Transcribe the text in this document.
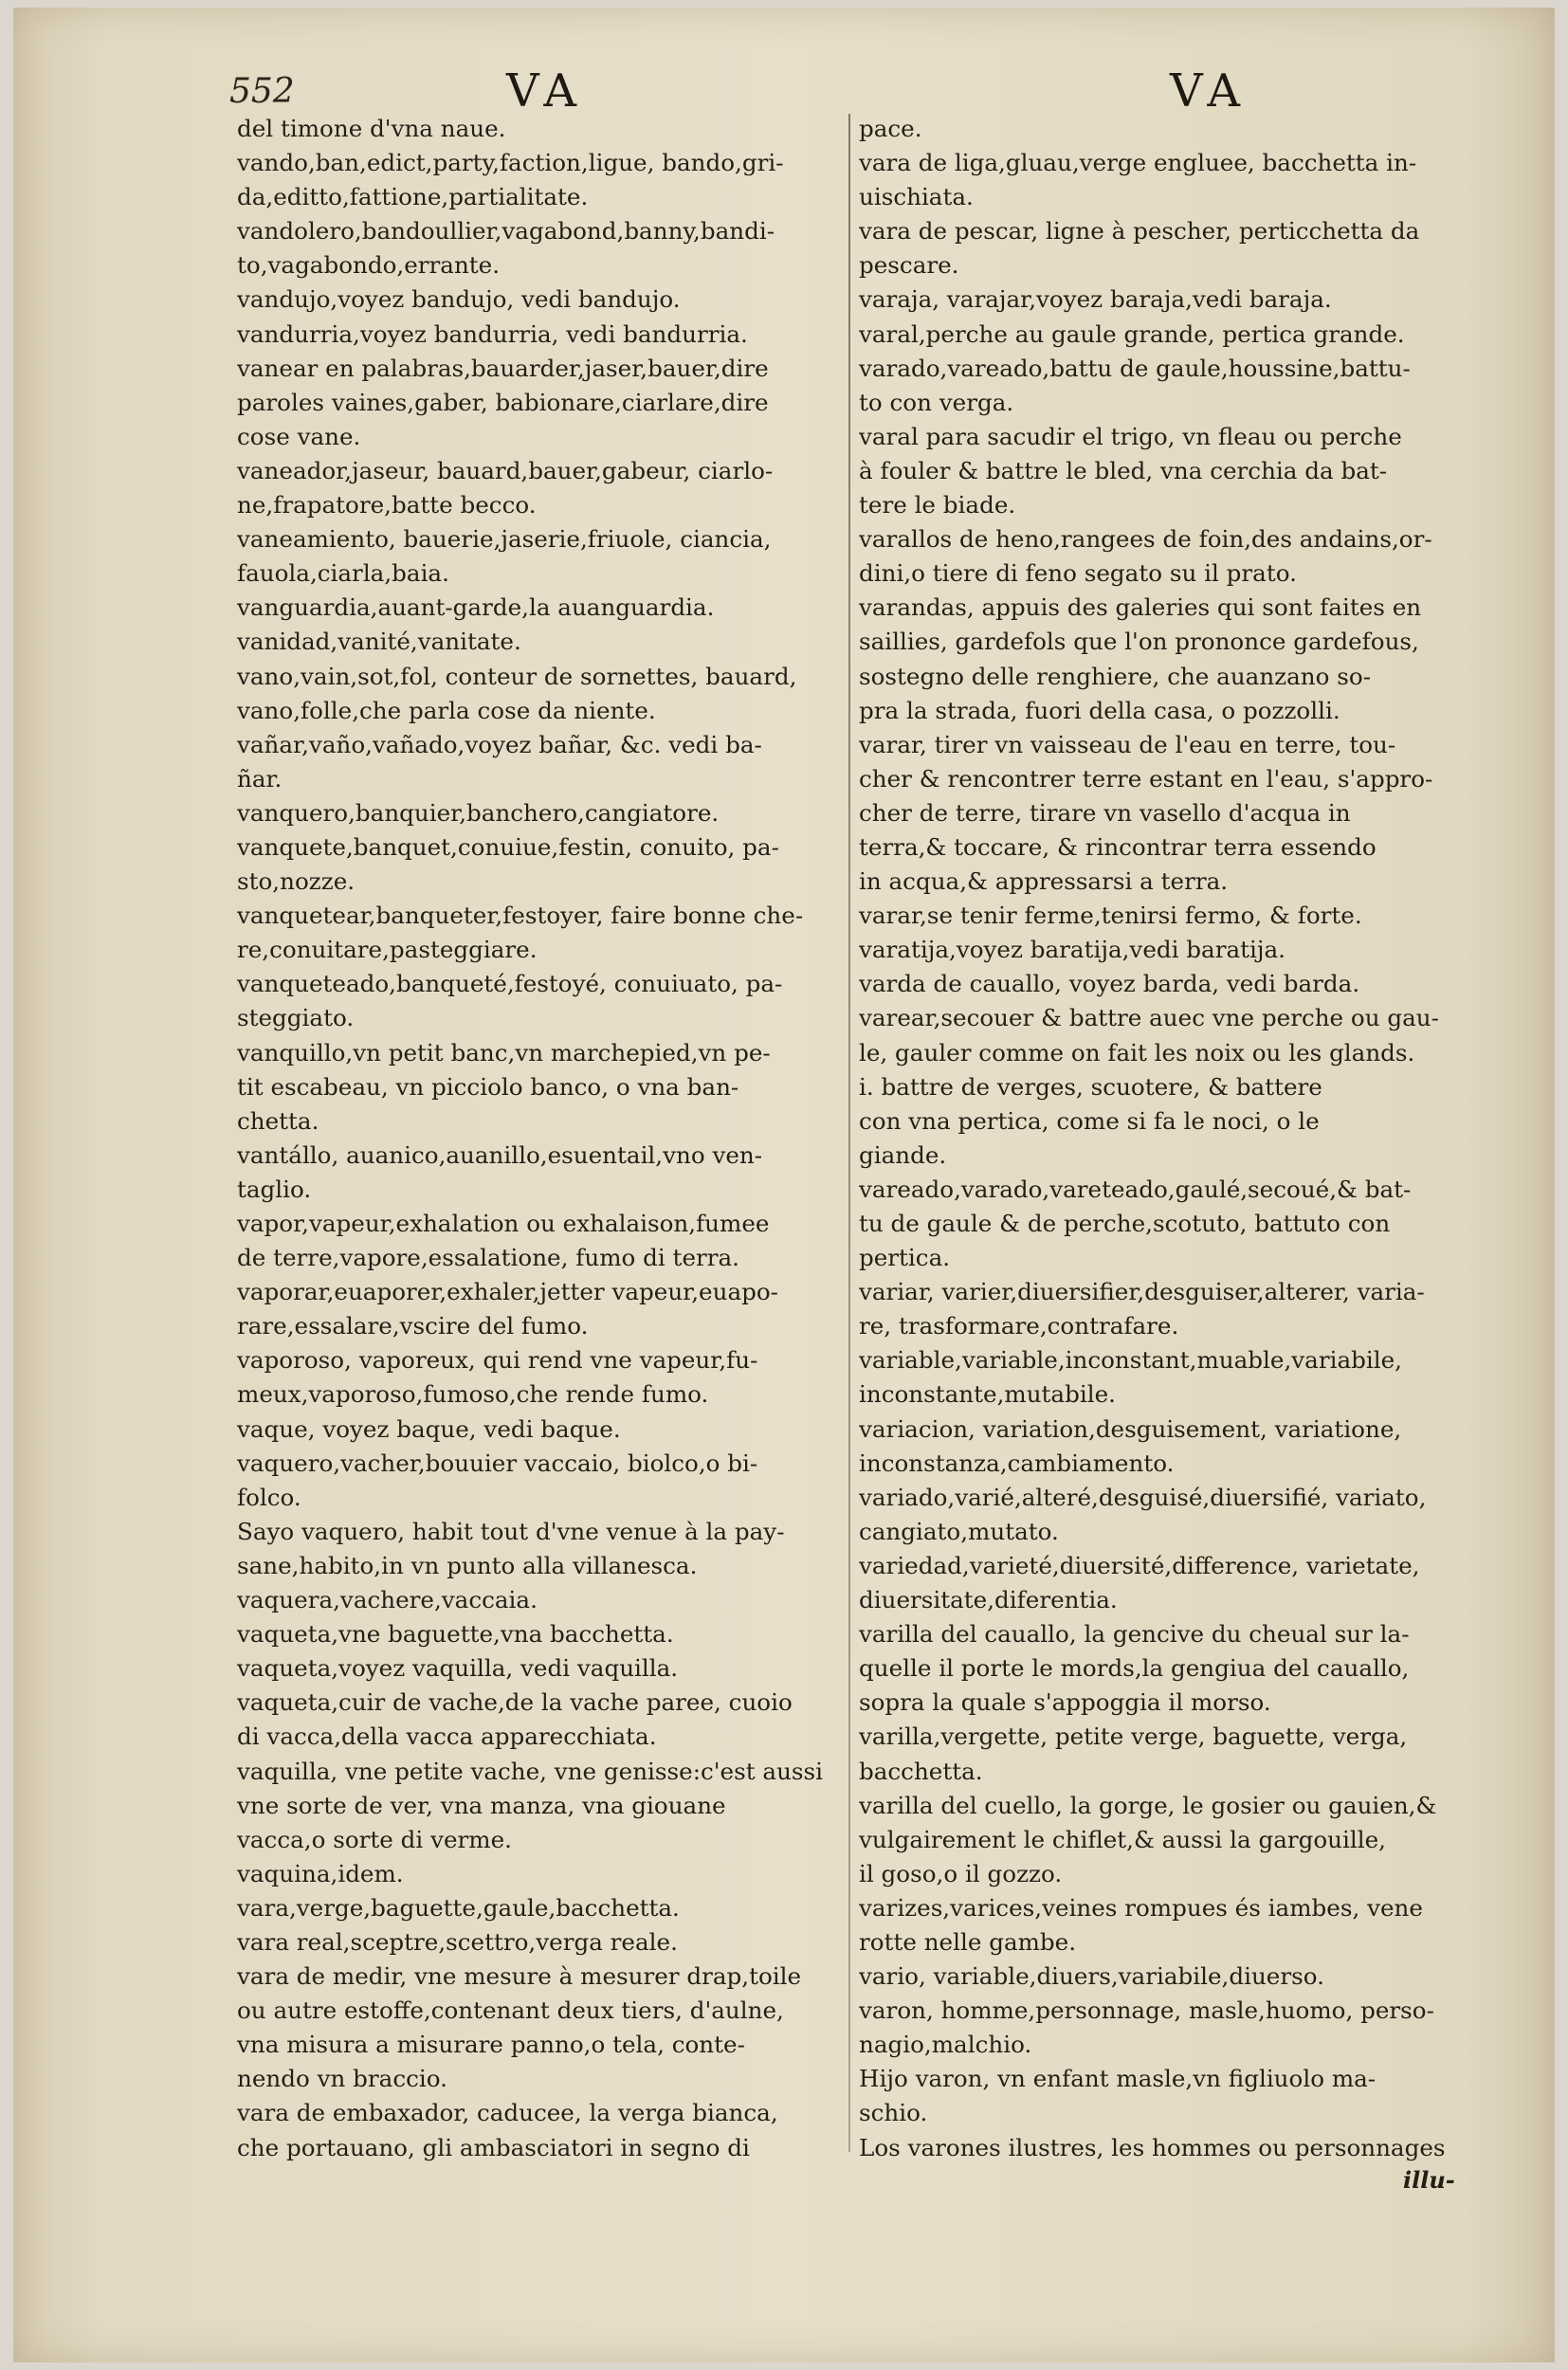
552	VA	VA
del timone d'vna naue.
vando,ban,edict,party,faction,ligue, bando,gri-
da,editto,fattione,partialitate.
vandolero,bandoullier,vagabond,banny,bandi-
to,vagabondo,errante.
vandujo,voyez bandujo, vedi bandujo.
vandurria,voyez bandurria, vedi bandurria.
vanear en palabras,bauarder,jaser,bauer,dire
paroles vaines,gaber, babionare,ciarlare,dire
cose vane.
vaneador,jaseur, bauard,bauer,gabeur, ciarlo-
ne,frapatore,batte becco.
vaneamiento, bauerie,jaserie,friuole, ciancia,
fauola,ciarla,baia.
vanguardia,auant-garde,la auanguardia.
vanidad,vanité,vanitate.
vano,vain,sot,fol, conteur de sornettes, bauard,
vano,folle,che parla cose da niente.
vañar,vaño,vañado,voyez bañar, &c. vedi ba-
ñar.
vanquero,banquier,banchero,cangiatore.
vanquete,banquet,conuiue,festin, conuito, pa-
sto,nozze.
vanquetear,banqueter,festoyer, faire bonne che-
re,conuitare,pasteggiare.
vanqueteado,banqueté,festoyé, conuiuato, pa-
steggiato.
vanquillo,vn petit banc,vn marchepied,vn pe-
tit escabeau, vn picciolo banco, o vna ban-
chetta.
vantállo, auanico,auanillo,esuentail,vno ven-
taglio.
vapor,vapeur,exhalation ou exhalaison,fumee
de terre,vapore,essalatione, fumo di terra.
vaporar,euaporer,exhaler,jetter vapeur,euapo-
rare,essalare,vscire del fumo.
vaporoso, vaporeux, qui rend vne vapeur,fu-
meux,vaporoso,fumoso,che rende fumo.
vaque, voyez baque, vedi baque.
vaquero,vacher,bouuier vaccaio, biolco,o bi-
folco.
Sayo vaquero, habit tout d'vne venue à la pay-
sane,habito,in vn punto alla villanesca.
vaquera,vachere,vaccaia.
vaqueta,vne baguette,vna bacchetta.
vaqueta,voyez vaquilla, vedi vaquilla.
vaqueta,cuir de vache,de la vache paree, cuoio
di vacca,della vacca apparecchiata.
vaquilla, vne petite vache, vne genisse:c'est aussi
vne sorte de ver, vna manza, vna giouane
vacca,o sorte di verme.
vaquina,idem.
vara,verge,baguette,gaule,bacchetta.
vara real,sceptre,scettro,verga reale.
vara de medir, vne mesure à mesurer drap,toile
ou autre estoffe,contenant deux tiers, d'aulne,
vna misura a misurare panno,o tela, conte-
nendo vn braccio.
vara de embaxador, caducee, la verga bianca,
che portauano, gli ambasciatori in segno di
pace.
vara de liga,gluau,verge engluee, bacchetta in-
uischiata.
vara de pescar, ligne à pescher, perticchetta da
pescare.
varaja, varajar,voyez baraja,vedi baraja.
varal,perche au gaule grande, pertica grande.
varado,vareado,battu de gaule,houssine,battu-
to con verga.
varal para sacudir el trigo, vn fleau ou perche
à fouler & battre le bled, vna cerchia da bat-
tere le biade.
varallos de heno,rangees de foin,des andains,or-
dini,o tiere di feno segato su il prato.
varandas, appuis des galeries qui sont faites en
saillies, gardefols que l'on prononce gardefous,
sostegno delle renghiere, che auanzano so-
pra la strada, fuori della casa, o pozzolli.
varar, tirer vn vaisseau de l'eau en terre, tou-
cher & rencontrer terre estant en l'eau, s'appro-
cher de terre, tirare vn vasello d'acqua in
terra,& toccare, & rincontrar terra essendo
in acqua,& appressarsi a terra.
varar,se tenir ferme,tenirsi fermo, & forte.
varatija,voyez baratija,vedi baratija.
varda de cauallo, voyez barda, vedi barda.
varear,secouer & battre auec vne perche ou gau-
le, gauler comme on fait les noix ou les glands.
i. battre de verges, scuotere, & battere
con vna pertica, come si fa le noci, o le
giande.
vareado,varado,vareteado,gaulé,secoué,& bat-
tu de gaule & de perche,scotuto, battuto con
pertica.
variar, varier,diuersifier,desguiser,alterer, varia-
re, trasformare,contrafare.
variable,variable,inconstant,muable,variabile,
inconstante,mutabile.
variacion, variation,desguisement, variatione,
inconstanza,cambiamento.
variado,varié,alteré,desguisé,diuersifié, variato,
cangiato,mutato.
variedad,varieté,diuersité,difference, varietate,
diuersitate,diferentia.
varilla del cauallo, la gencive du cheual sur la-
quelle il porte le mords,la gengiua del cauallo,
sopra la quale s'appoggia il morso.
varilla,vergette, petite verge, baguette, verga,
bacchetta.
varilla del cuello, la gorge, le gosier ou gauien,&
vulgairement le chiflet,& aussi la gargouille,
il goso,o il gozzo.
varizes,varices,veines rompues és iambes, vene
rotte nelle gambe.
vario, variable,diuers,variabile,diuerso.
varon, homme,personnage, masle,huomo, perso-
nagio,malchio.
Hijo varon, vn enfant masle,vn figliuolo ma-
schio.
Los varones ilustres, les hommes ou personnages
illu-
